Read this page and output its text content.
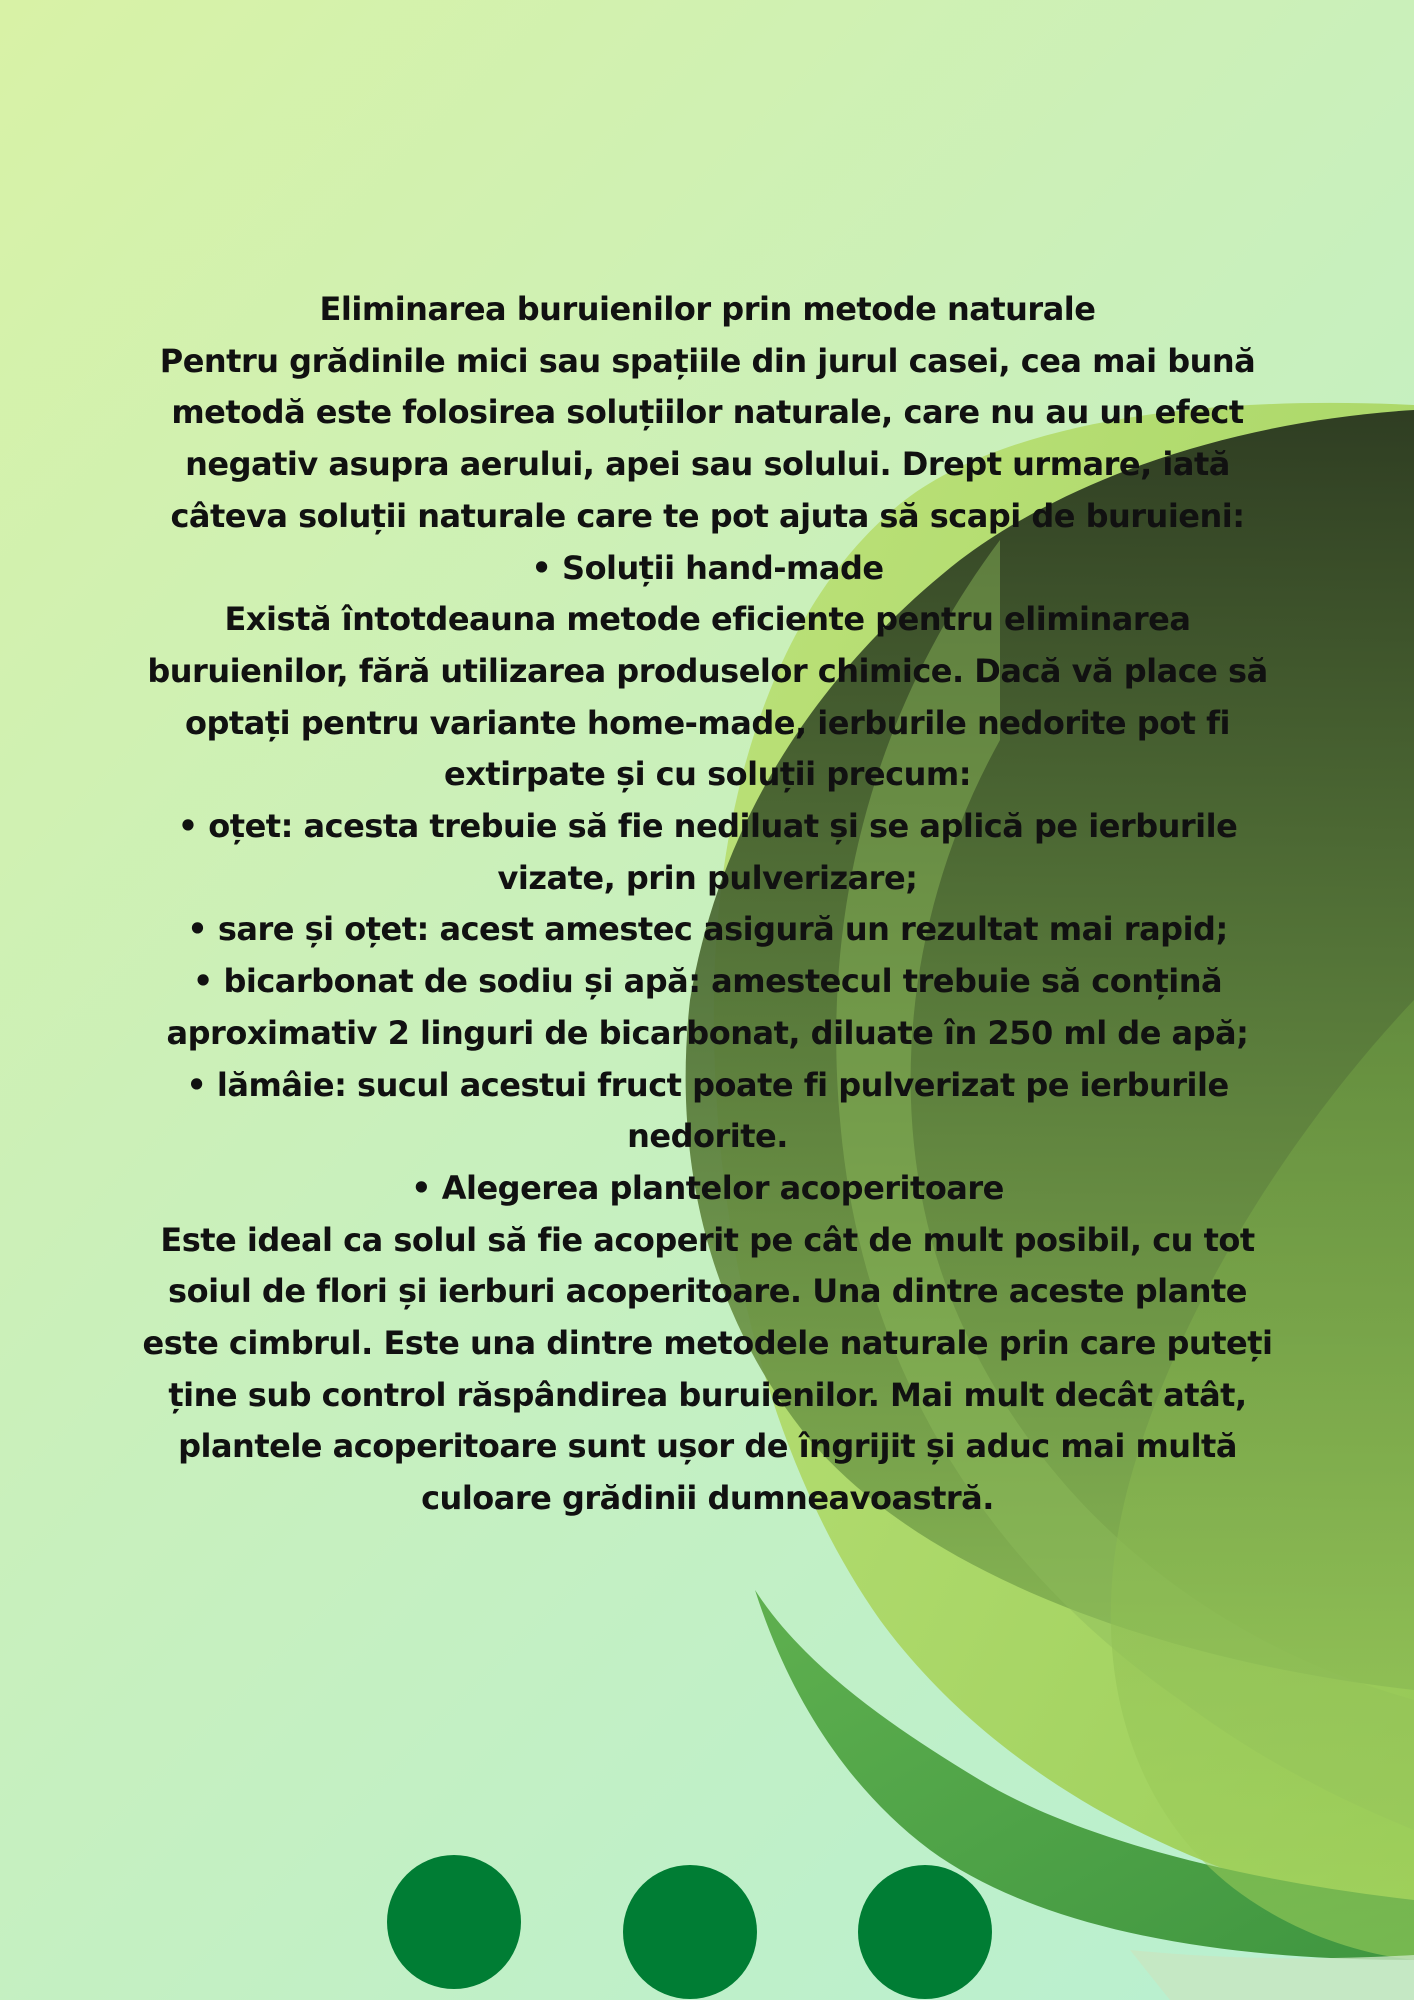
Eliminarea buruienilor prin metode naturale

Pentru grădinile mici sau spațiile din jurul casei, cea mai bună metodă este folosirea soluțiilor naturale, care nu au un efect negativ asupra aerului, apei sau solului. Drept urmare, iată câteva soluții naturale care te pot ajuta să scapi de buruieni:

• Soluții hand-made

Există întotdeauna metode eficiente pentru eliminarea buruienilor, fără utilizarea produselor chimice. Dacă vă place să optați pentru variante home-made, ierburile nedorite pot fi extirpate și cu soluții precum:

• oțet: acesta trebuie să fie nediluat și se aplică pe ierburile vizate, prin pulverizare;

• sare și oțet: acest amestec asigură un rezultat mai rapid;

• bicarbonat de sodiu și apă: amestecul trebuie să conțină aproximativ 2 linguri de bicarbonat, diluate în 250 ml de apă;

• lămâie: sucul acestui fruct poate fi pulverizat pe ierburile nedorite.

• Alegerea plantelor acoperitoare

Este ideal ca solul să fie acoperit pe cât de mult posibil, cu tot soiul de flori și ierburi acoperitoare. Una dintre aceste plante este cimbrul. Este una dintre metodele naturale prin care puteți ține sub control răspândirea buruienilor. Mai mult decât atât, plantele acoperitoare sunt ușor de îngrijit și aduc mai multă culoare grădinii dumneavoastră.
